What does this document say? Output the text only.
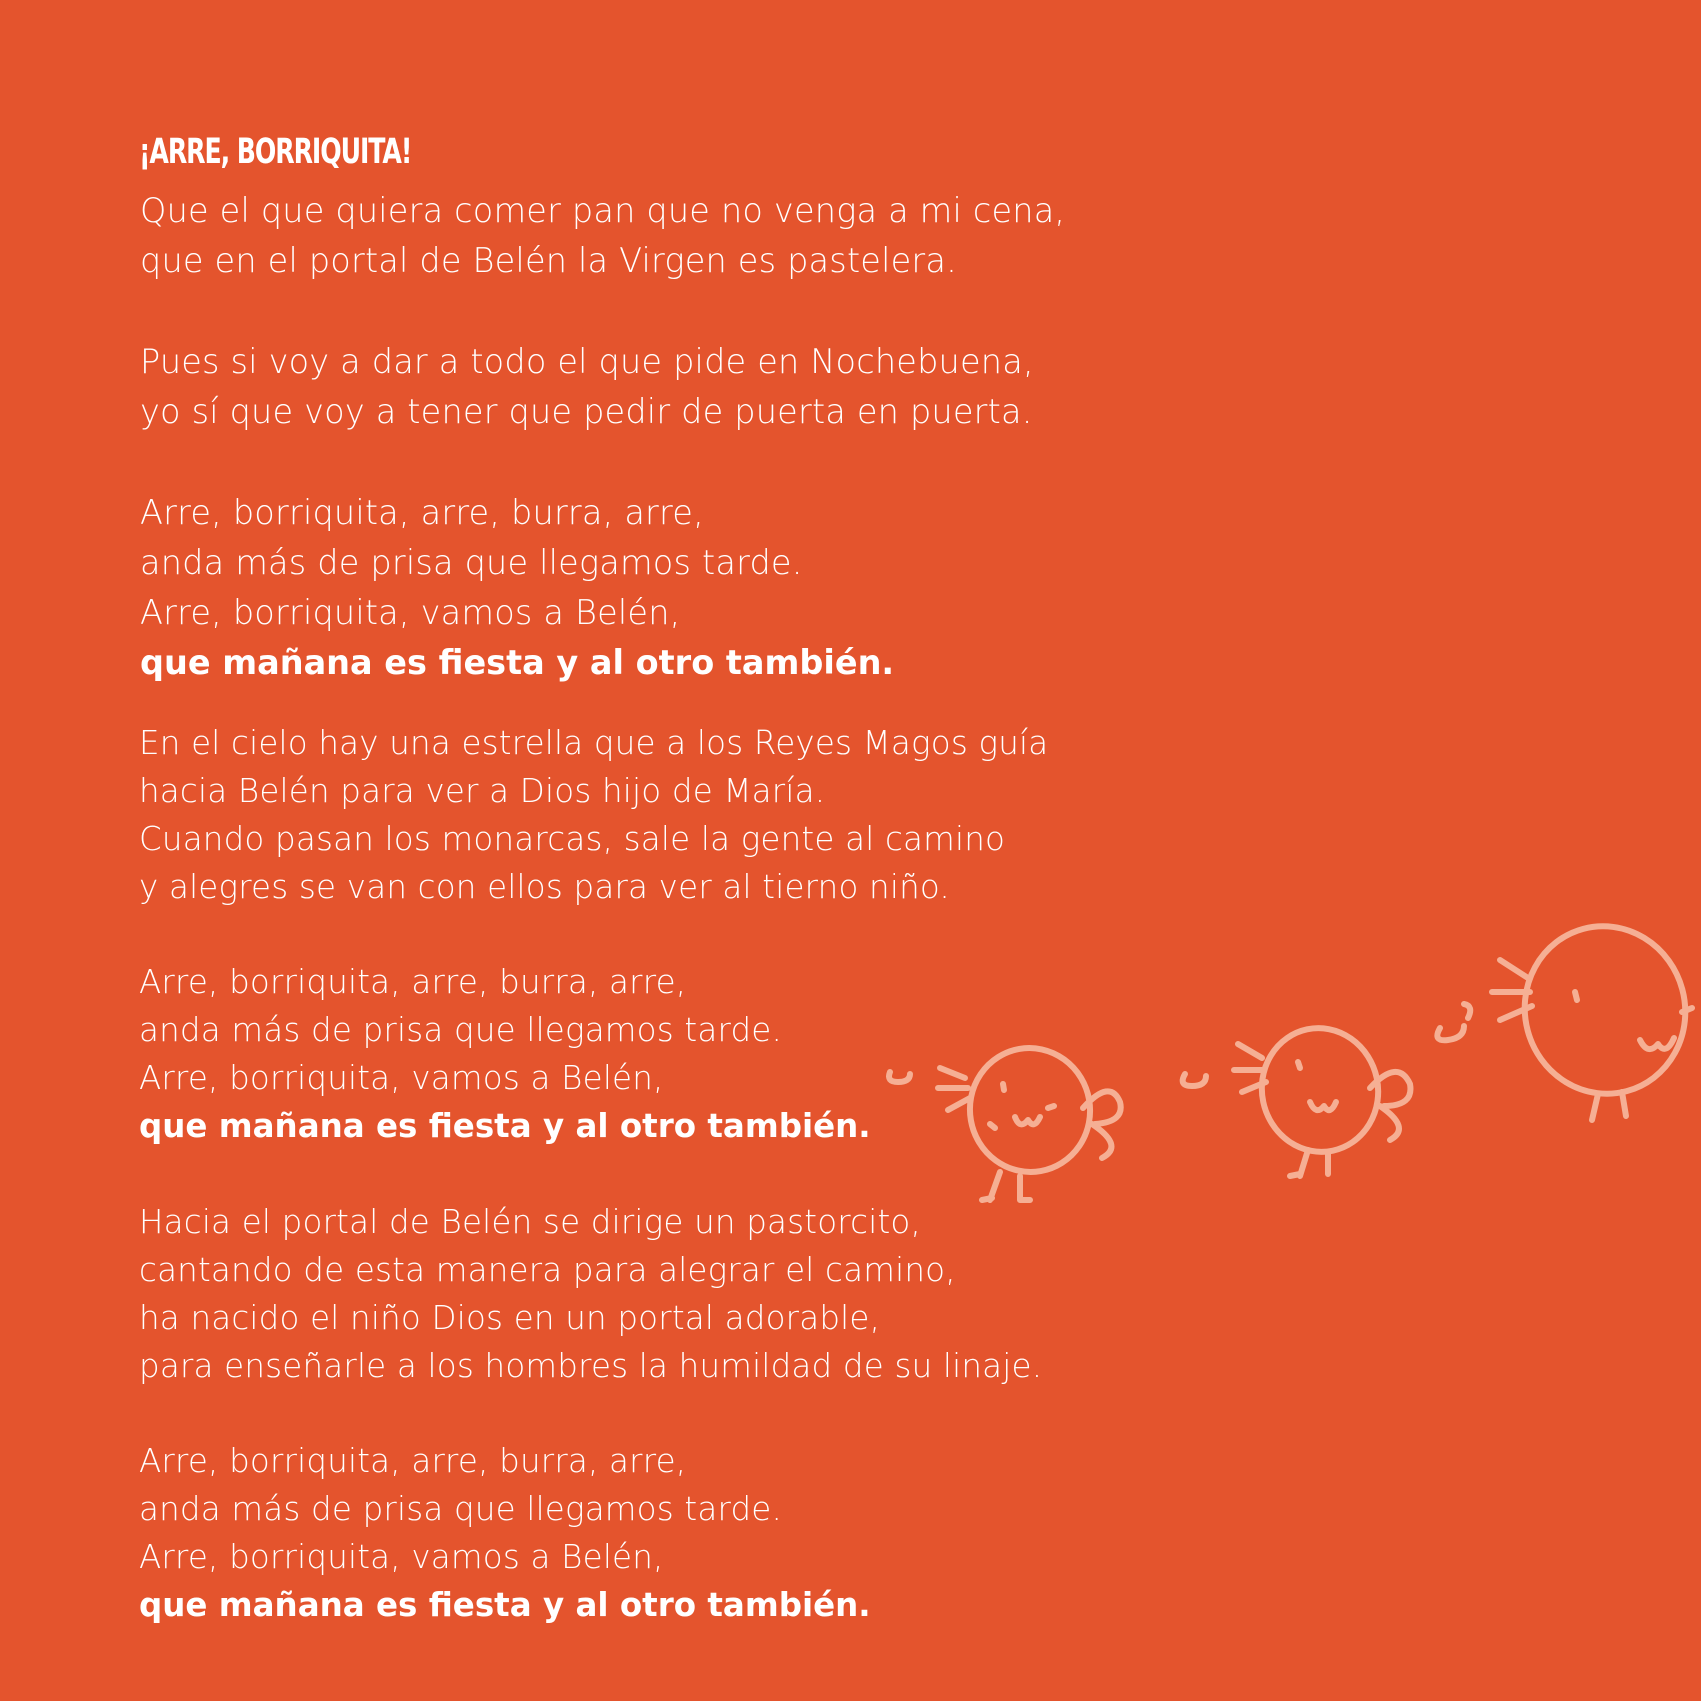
¡ARRE, BORRIQUITA!
Que el que quiera comer pan que no venga a mi cena,
que en el portal de Belén la Virgen es pastelera.
Pues si voy a dar a todo el que pide en Nochebuena,
yo sí que voy a tener que pedir de puerta en puerta.
Arre, borriquita, arre, burra, arre,
anda más de prisa que llegamos tarde.
Arre, borriquita, vamos a Belén,
que mañana es fiesta y al otro también.
En el cielo hay una estrella que a los Reyes Magos guía
hacia Belén para ver a Dios hijo de María.
Cuando pasan los monarcas, sale la gente al camino
y alegres se van con ellos para ver al tierno niño.
Arre, borriquita, arre, burra, arre,
anda más de prisa que llegamos tarde.
Arre, borriquita, vamos a Belén,
que mañana es fiesta y al otro también.
Hacia el portal de Belén se dirige un pastorcito,
cantando de esta manera para alegrar el camino,
ha nacido el niño Dios en un portal adorable,
para enseñarle a los hombres la humildad de su linaje.
Arre, borriquita, arre, burra, arre,
anda más de prisa que llegamos tarde.
Arre, borriquita, vamos a Belén,
que mañana es fiesta y al otro también.
